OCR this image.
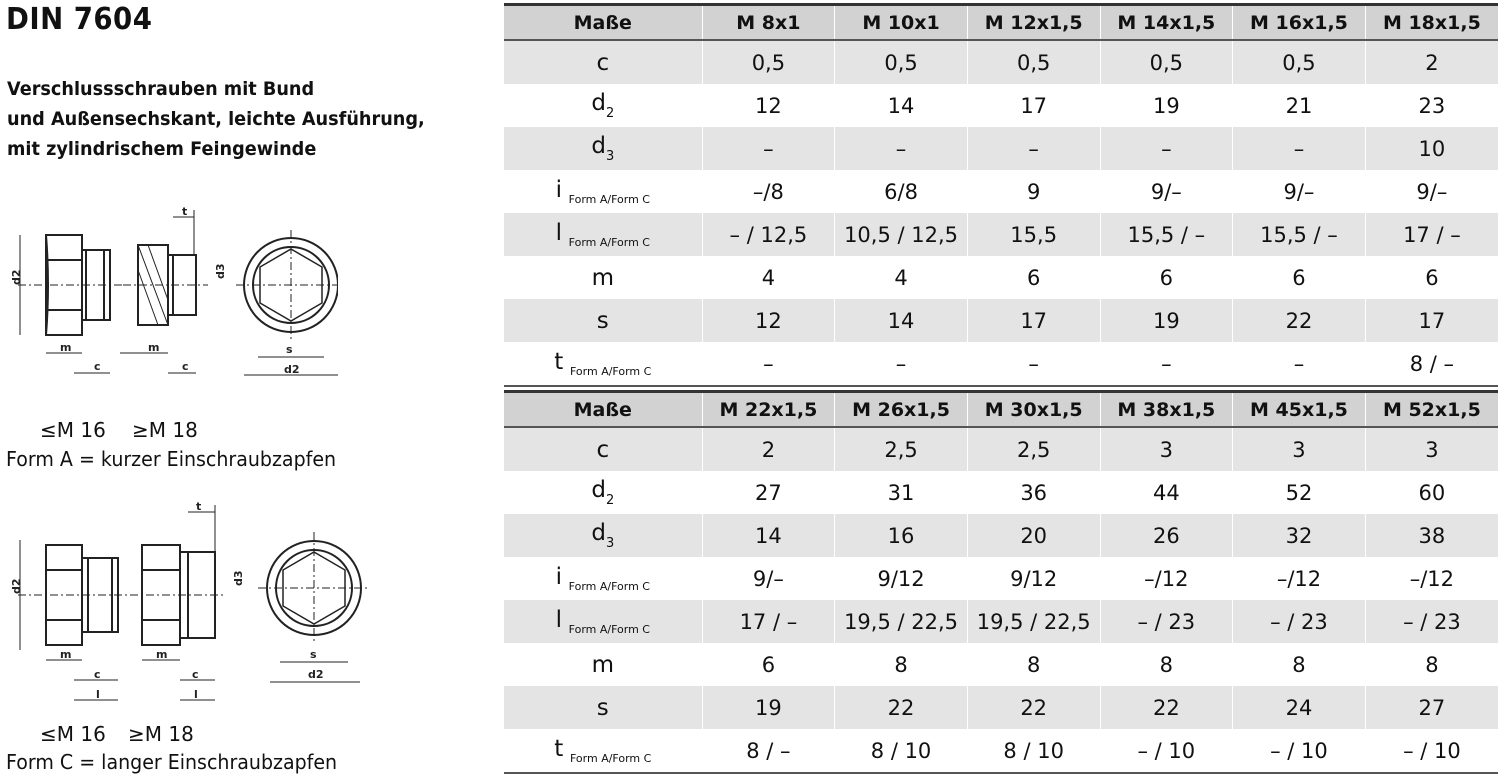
DIN 7604
Verschlussschrauben mit Bund
und Außensechskant, leichte Ausführung,
mit zylindrischem Feingewinde
d2
m
c
t
m
c
d3
s
d2
≤M 16 ≥M 18
Form A = kurzer Einschraubzapfen
d2
m
c
l
t
m
c
l
d3
s
d2
≤M 16 ≥M 18
Form C = langer Einschraubzapfen
Maße	M 8x1	M 10x1	M 12x1,5	M 14x1,5	M 16x1,5	M 18x1,5
c	0,5	0,5	0,5	0,5	0,5	2
$d_2$	12	14	17	19	21	23
$d_3$	–	–	–	–	–	10
i $_{Form A/Form C}$	–/8	6/8	9	9/–	9/–	9/–
l $_{Form A/Form C}$	– / 12,5	10,5 / 12,5	15,5	15,5 / –	15,5 / –	17 / –
m	4	4	6	6	6	6
s	12	14	17	19	22	17
t $_{Form A/Form C}$	–	–	–	–	–	8 / –
Maße	M 22x1,5	M 26x1,5	M 30x1,5	M 38x1,5	M 45x1,5	M 52x1,5
c	2	2,5	2,5	3	3	3
$d_2$	27	31	36	44	52	60
$d_3$	14	16	20	26	32	38
i $_{Form A/Form C}$	9/–	9/12	9/12	–/12	–/12	–/12
l $_{Form A/Form C}$	17 / –	19,5 / 22,5	19,5 / 22,5	– / 23	– / 23	– / 23
m	6	8	8	8	8	8
s	19	22	22	22	24	27
t $_{Form A/Form C}$	8 / –	8 / 10	8 / 10	– / 10	– / 10	– / 10
